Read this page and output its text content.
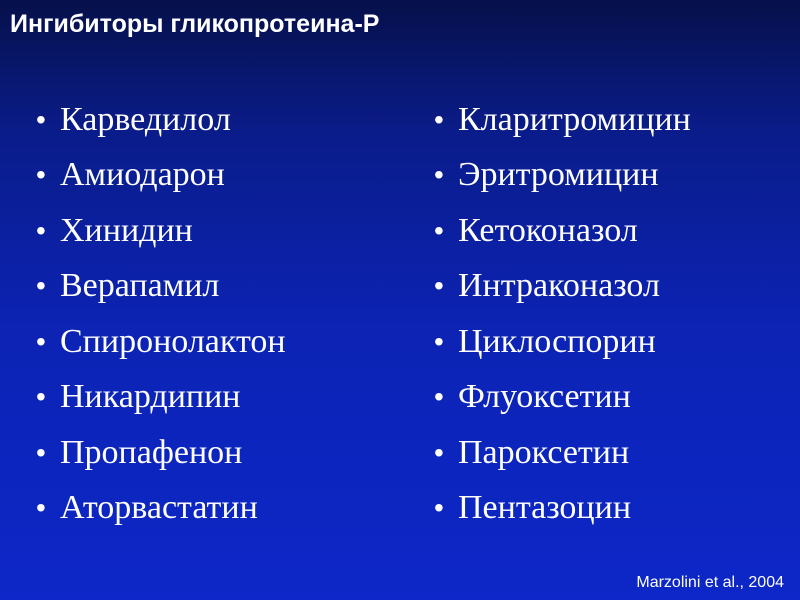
Ингибиторы гликопротеина-Р
• Карведилол
• Амиодарон
• Хинидин
• Верапамил
• Спиронолактон
• Никардипин
• Пропафенон
• Аторвастатин
• Кларитромицин
• Эритромицин
• Кетоконазол
• Интраконазол
• Циклоспорин
• Флуоксетин
• Пароксетин
• Пентазоцин
Marzolini et al., 2004
